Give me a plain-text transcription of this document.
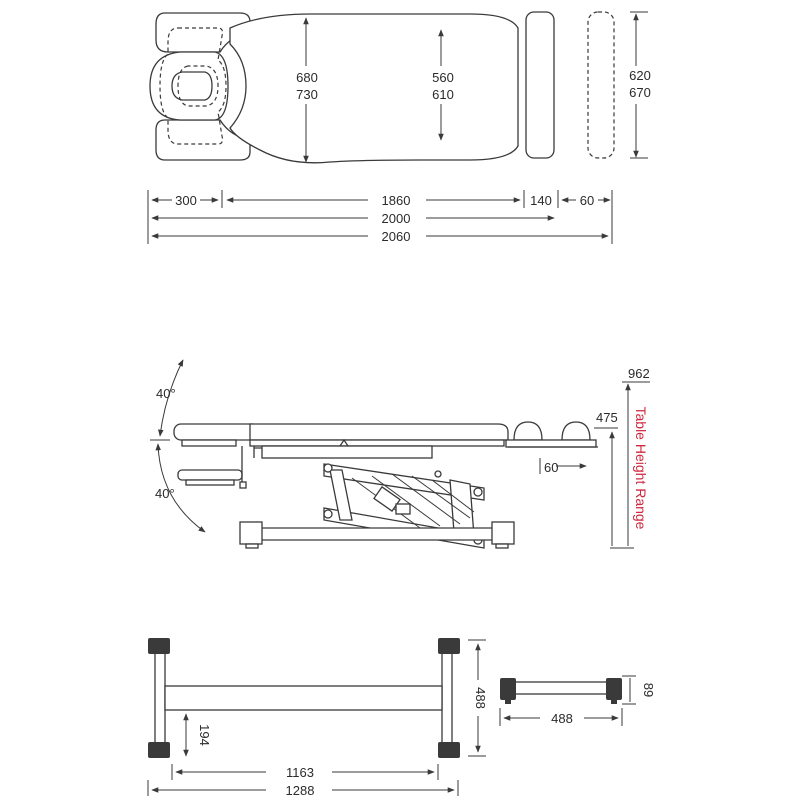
680
730
560
610
620
670
300	1860	140 60
2000
2060
40°
40°
60
962
475 Table Height Range
194
488
1163
1288
89
488
